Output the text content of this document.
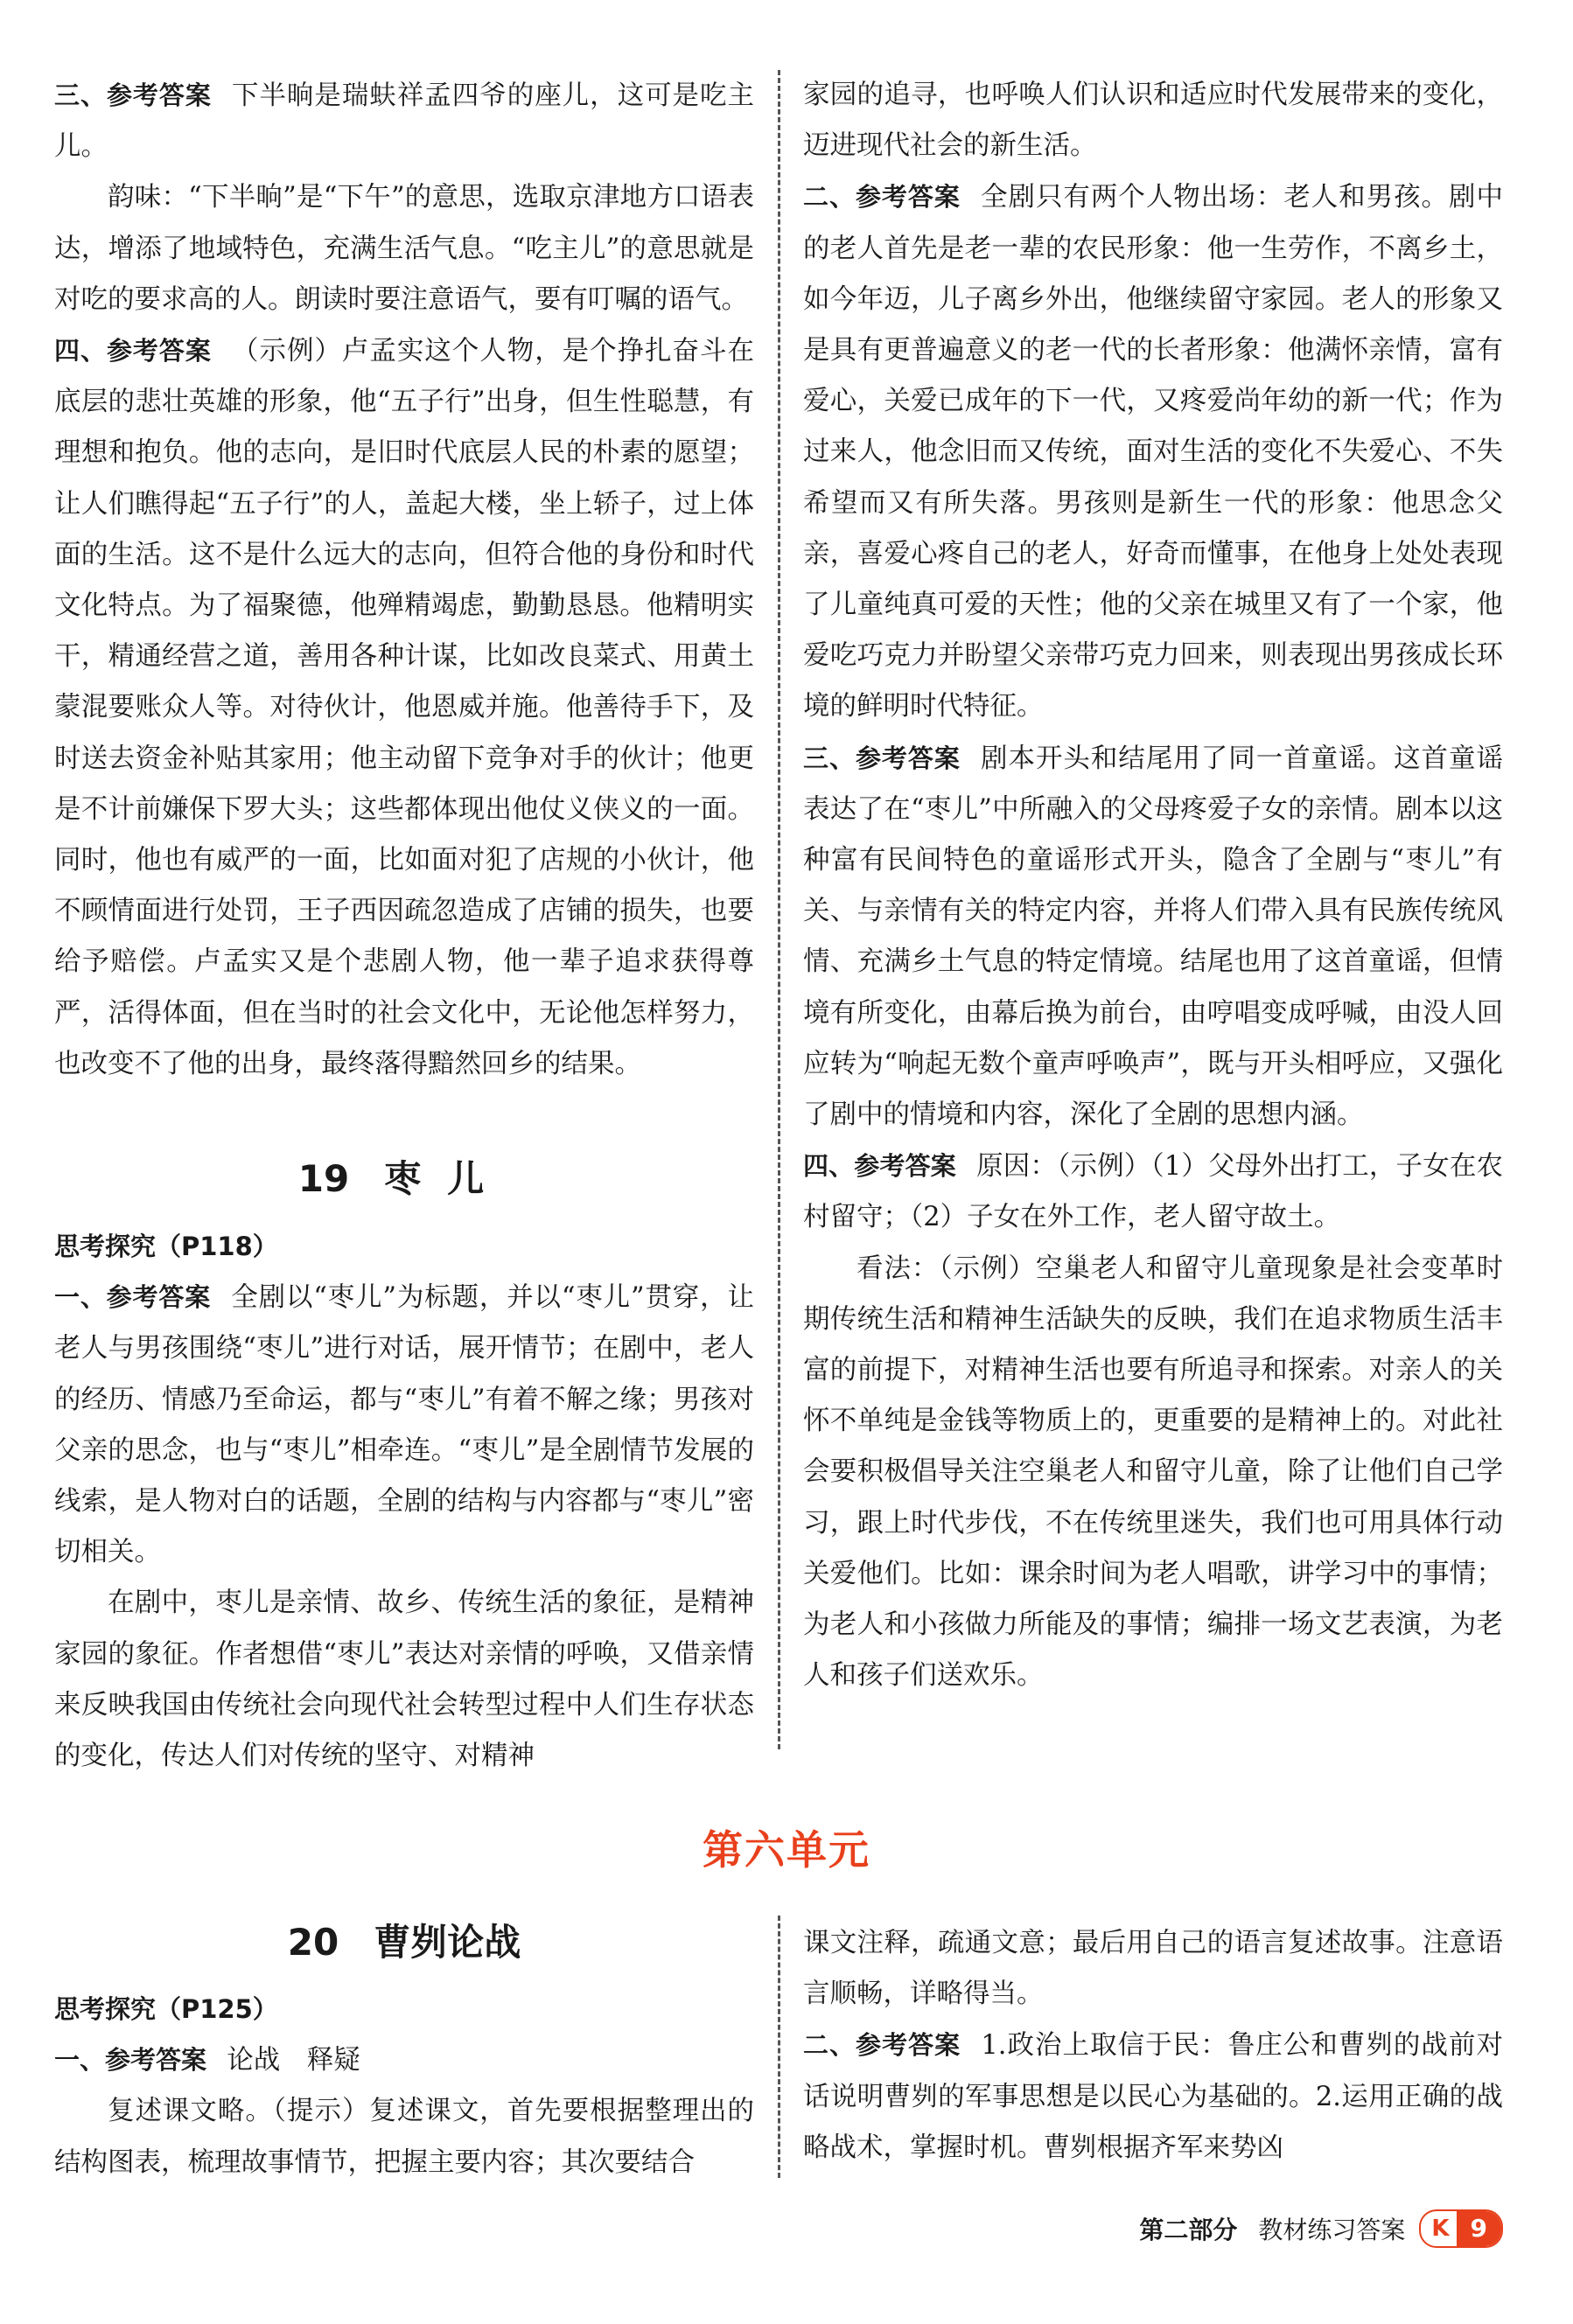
三、参考答案 下半晌是瑞蚨祥孟四爷的座儿，这可是吃主儿。

韵味：“下半晌”是“下午”的意思，选取京津地方口语表达，增添了地域特色，充满生活气息。“吃主儿”的意思就是对吃的要求高的人。朗读时要注意语气，要有叮嘱的语气。

四、参考答案 （示例）卢孟实这个人物，是个挣扎奋斗在底层的悲壮英雄的形象，他“五子行”出身，但生性聪慧，有理想和抱负。他的志向，是旧时代底层人民的朴素的愿望；让人们瞧得起“五子行”的人，盖起大楼，坐上轿子，过上体面的生活。这不是什么远大的志向，但符合他的身份和时代文化特点。为了福聚德，他殚精竭虑，勤勤恳恳。他精明实干，精通经营之道，善用各种计谋，比如改良菜式、用黄土蒙混要账众人等。对待伙计，他恩威并施。他善待手下，及时送去资金补贴其家用；他主动留下竞争对手的伙计；他更是不计前嫌保下罗大头；这些都体现出他仗义侠义的一面。同时，他也有威严的一面，比如面对犯了店规的小伙计，他不顾情面进行处罚，王子西因疏忽造成了店铺的损失，也要给予赔偿。卢孟实又是个悲剧人物，他一辈子追求获得尊严，活得体面，但在当时的社会文化中，无论他怎样努力，也改变不了他的出身，最终落得黯然回乡的结果。

19 枣儿

思考探究（P118）

一、参考答案 全剧以“枣儿”为标题，并以“枣儿”贯穿，让老人与男孩围绕“枣儿”进行对话，展开情节；在剧中，老人的经历、情感乃至命运，都与“枣儿”有着不解之缘；男孩对父亲的思念，也与“枣儿”相牵连。“枣儿”是全剧情节发展的线索，是人物对白的话题，全剧的结构与内容都与“枣儿”密切相关。

在剧中，枣儿是亲情、故乡、传统生活的象征，是精神家园的象征。作者想借“枣儿”表达对亲情的呼唤，又借亲情来反映我国由传统社会向现代社会转型过程中人们生存状态的变化，传达人们对传统的坚守、对精神

家园的追寻，也呼唤人们认识和适应时代发展带来的变化，迈进现代社会的新生活。

二、参考答案 全剧只有两个人物出场：老人和男孩。剧中的老人首先是老一辈的农民形象：他一生劳作，不离乡土，如今年迈，儿子离乡外出，他继续留守家园。老人的形象又是具有更普遍意义的老一代的长者形象：他满怀亲情，富有爱心，关爱已成年的下一代，又疼爱尚年幼的新一代；作为过来人，他念旧而又传统，面对生活的变化不失爱心、不失希望而又有所失落。男孩则是新生一代的形象：他思念父亲，喜爱心疼自己的老人，好奇而懂事，在他身上处处表现了儿童纯真可爱的天性；他的父亲在城里又有了一个家，他爱吃巧克力并盼望父亲带巧克力回来，则表现出男孩成长环境的鲜明时代特征。

三、参考答案 剧本开头和结尾用了同一首童谣。这首童谣表达了在“枣儿”中所融入的父母疼爱子女的亲情。剧本以这种富有民间特色的童谣形式开头，隐含了全剧与“枣儿”有关、与亲情有关的特定内容，并将人们带入具有民族传统风情、充满乡土气息的特定情境。结尾也用了这首童谣，但情境有所变化，由幕后换为前台，由哼唱变成呼喊，由没人回应转为“响起无数个童声呼唤声”，既与开头相呼应，又强化了剧中的情境和内容，深化了全剧的思想内涵。

四、参考答案 原因：（示例）（1）父母外出打工，子女在农村留守；（2）子女在外工作，老人留守故土。

看法：（示例）空巢老人和留守儿童现象是社会变革时期传统生活和精神生活缺失的反映，我们在追求物质生活丰富的前提下，对精神生活也要有所追寻和探索。对亲人的关怀不单纯是金钱等物质上的，更重要的是精神上的。对此社会要积极倡导关注空巢老人和留守儿童，除了让他们自己学习，跟上时代步伐，不在传统里迷失，我们也可用具体行动关爱他们。比如：课余时间为老人唱歌，讲学习中的事情；为老人和小孩做力所能及的事情；编排一场文艺表演，为老人和孩子们送欢乐。

第六单元
20 曹刿论战

思考探究（P125）

一、参考答案 论战　释疑

复述课文略。（提示）复述课文，首先要根据整理出的结构图表，梳理故事情节，把握主要内容；其次要结合

课文注释，疏通文意；最后用自己的语言复述故事。注意语言顺畅，详略得当。

二、参考答案 1.政治上取信于民：鲁庄公和曹刿的战前对话说明曹刿的军事思想是以民心为基础的。2.运用正确的战略战术，掌握时机。曹刿根据齐军来势凶

第二部分 教材练习答案	K 9
